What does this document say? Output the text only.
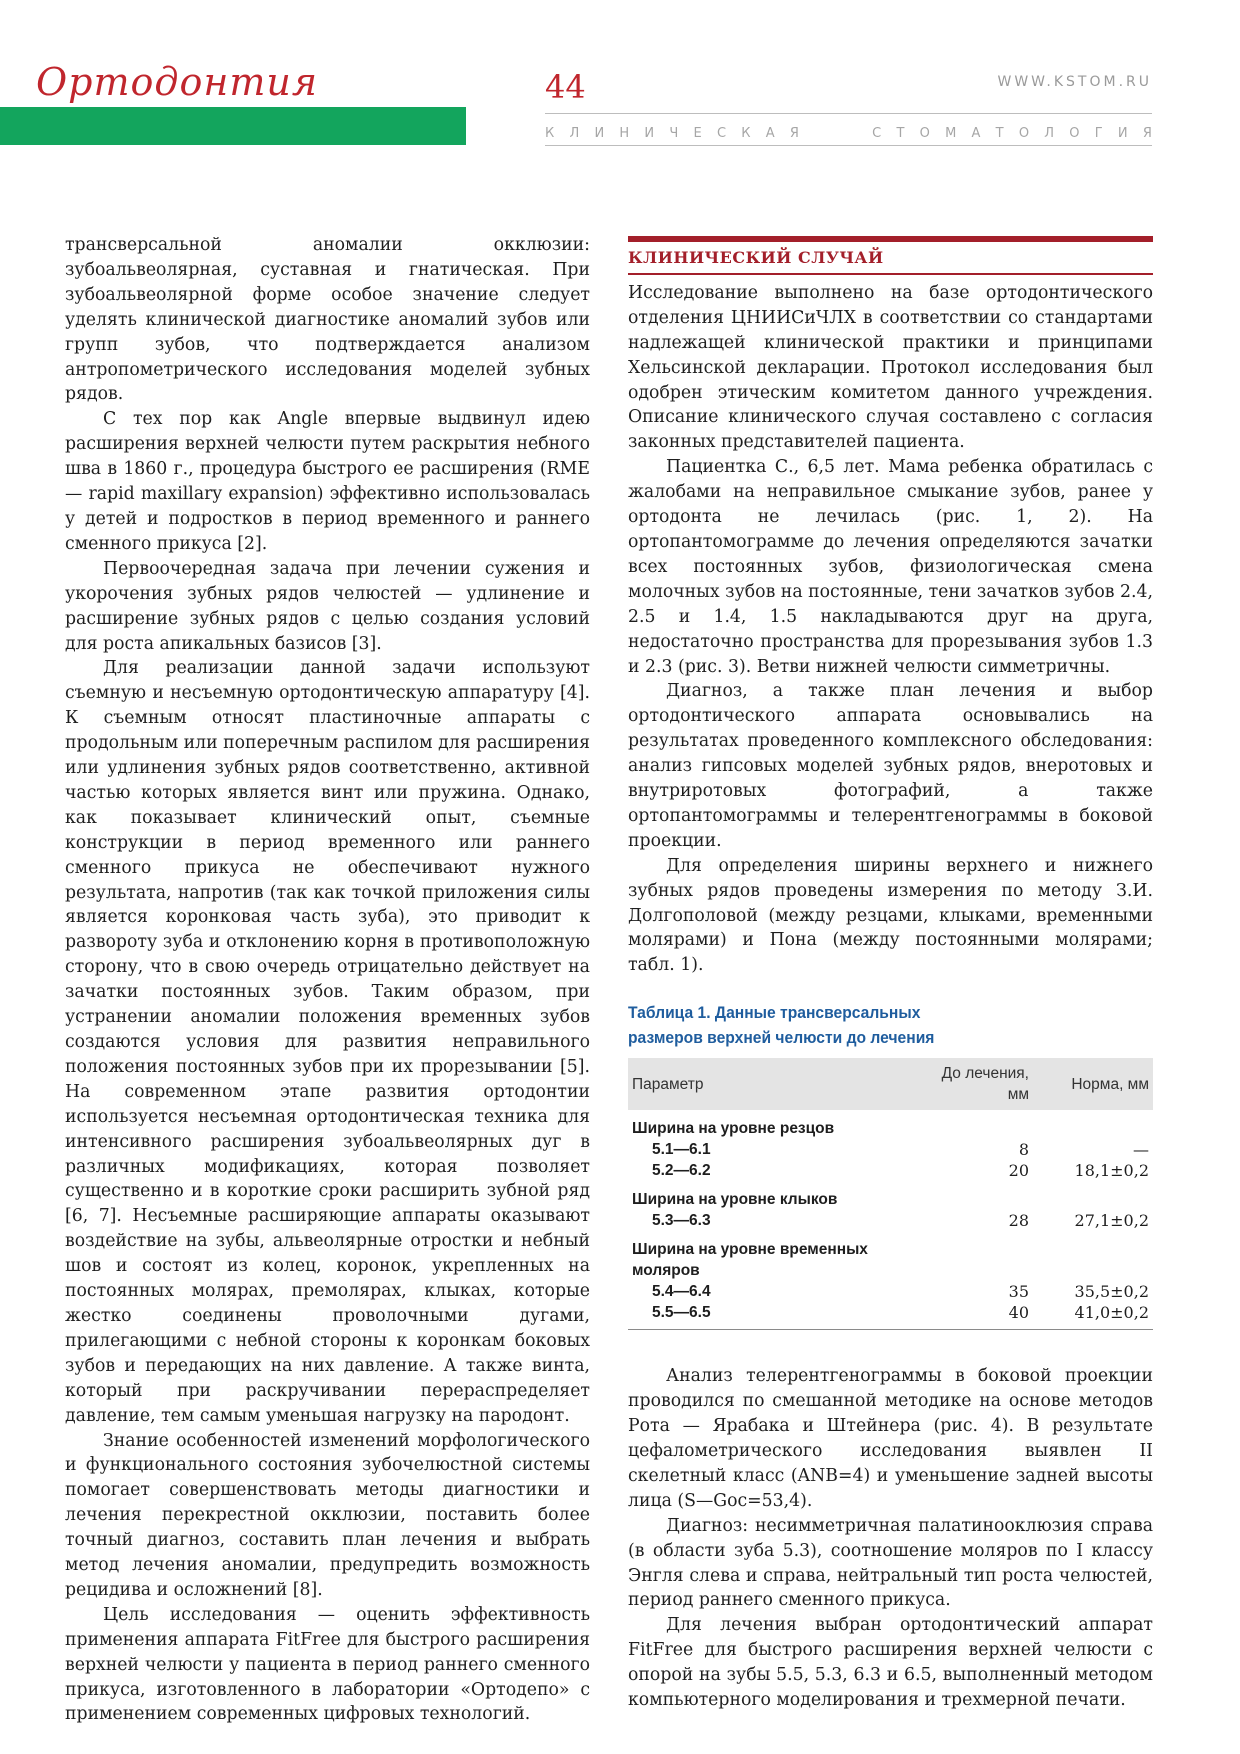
Ортодонтия	44	WWW.KSTOM.RU
К Л И Н И Ч Е С К А Я

	С Т О М А Т О Л О Г И Я

трансверсальной аномалии окклюзии: зубоальвеолярная, суставная и гнатическая. При зубоальвеолярной форме особое значение следует уделять клинической диагностике аномалий зубов или групп зубов, что подтверждается анализом антропометрического исследования моделей зубных рядов.

С тех пор как Angle впервые выдвинул идею расширения верхней челюсти путем раскрытия небного шва в 1860 г., процедура быстрого ее расширения (RME — rapid maxillary expansion) эффективно использовалась у детей и подростков в период временного и раннего сменного прикуса [2].

Первоочередная задача при лечении сужения и укорочения зубных рядов челюстей — удлинение и расширение зубных рядов с целью создания условий для роста апикальных базисов [3].

Для реализации данной задачи используют съемную и несъемную ортодонтическую аппаратуру [4]. К съемным относят пластиночные аппараты с продольным или поперечным распилом для расширения или удлинения зубных рядов соответственно, активной частью которых является винт или пружина. Однако, как показывает клинический опыт, съемные конструкции в период временного или раннего сменного прикуса не обеспечивают нужного результата, напротив (так как точкой приложения силы является коронковая часть зуба), это приводит к развороту зуба и отклонению корня в противоположную сторону, что в свою очередь отрицательно действует на зачатки постоянных зубов. Таким образом, при устранении аномалии положения временных зубов создаются условия для развития неправильного положения постоянных зубов при их прорезывании [5]. На современном этапе развития ортодонтии используется несъемная ортодонтическая техника для интенсивного расширения зубоальвеолярных дуг в различных модификациях, которая позволяет существенно и в короткие сроки расширить зубной ряд [6, 7]. Несъемные расширяющие аппараты оказывают воздействие на зубы, альвеолярные отростки и небный шов и состоят из колец, коронок, укрепленных на постоянных молярах, премолярах, клыках, которые жестко соединены проволочными дугами, прилегающими с небной стороны к коронкам боковых зубов и передающих на них давление. А также винта, который при раскручивании перераспределяет давление, тем самым уменьшая нагрузку на пародонт.

Знание особенностей изменений морфологического и функционального состояния зубочелюстной системы помогает совершенствовать методы диагностики и лечения перекрестной окклюзии, поставить более точный диагноз, составить план лечения и выбрать метод лечения аномалии, предупредить возможность рецидива и осложнений [8].

Цель исследования — оценить эффективность применения аппарата FitFree для быстрого расширения верхней челюсти у пациента в период раннего сменного прикуса, изготовленного в лаборатории «Ортодепо» с применением современных цифровых технологий.

КЛИНИЧЕСКИЙ СЛУЧАЙ

Исследование выполнено на базе ортодонтического отделения ЦНИИСиЧЛХ в соответствии со стандартами надлежащей клинической практики и принципами Хельсинской декларации. Протокол исследования был одобрен этическим комитетом данного учреждения. Описание клинического случая составлено с согласия законных представителей пациента.

Пациентка С., 6,5 лет. Мама ребенка обратилась с жалобами на неправильное смыкание зубов, ранее у ортодонта не лечилась (рис. 1, 2). На ортопантомограмме до лечения определяются зачатки всех постоянных зубов, физиологическая смена молочных зубов на постоянные, тени зачатков зубов 2.4, 2.5 и 1.4, 1.5 накладываются друг на друга, недостаточно пространства для прорезывания зубов 1.3 и 2.3 (рис. 3). Ветви нижней челюсти симметричны.

Диагноз, а также план лечения и выбор ортодонтического аппарата основывались на результатах проведенного комплексного обследования: анализ гипсовых моделей зубных рядов, внеротовых и внутриротовых фотографий, а также ортопантомограммы и телерентгенограммы в боковой проекции.

Для определения ширины верхнего и нижнего зубных рядов проведены измерения по методу З.И. Долгополовой (между резцами, клыками, временными молярами) и Пона (между постоянными молярами; табл. 1).

Таблица 1. Данные трансверсальных
размеров верхней челюсти до лечения
Параметр	До лечения, мм	Норма, мм
Ширина на уровне резцов		
5.1—6.1	8	—
5.2—6.2	20	18,1±0,2
Ширина на уровне клыков		
5.3—6.3	28	27,1±0,2
Ширина на уровне временных		
моляров		
5.4—6.4	35	35,5±0,2
5.5—6.5	40	41,0±0,2

Анализ телерентгенограммы в боковой проекции проводился по смешанной методике на основе методов Рота — Ярабака и Штейнера (рис. 4). В результате цефалометрического исследования выявлен II скелетный класс (ANB=4) и уменьшение задней высоты лица (S—Goc=53,4).

Диагноз: несимметричная палатинооклюзия справа (в области зуба 5.3), соотношение моляров по I классу Энгля слева и справа, нейтральный тип роста челюстей, период раннего сменного прикуса.

Для лечения выбран ортодонтический аппарат FitFree для быстрого расширения верхней челюсти с опорой на зубы 5.5, 5.3, 6.3 и 6.5, выполненный методом компьютерного моделирования и трехмерной печати.
